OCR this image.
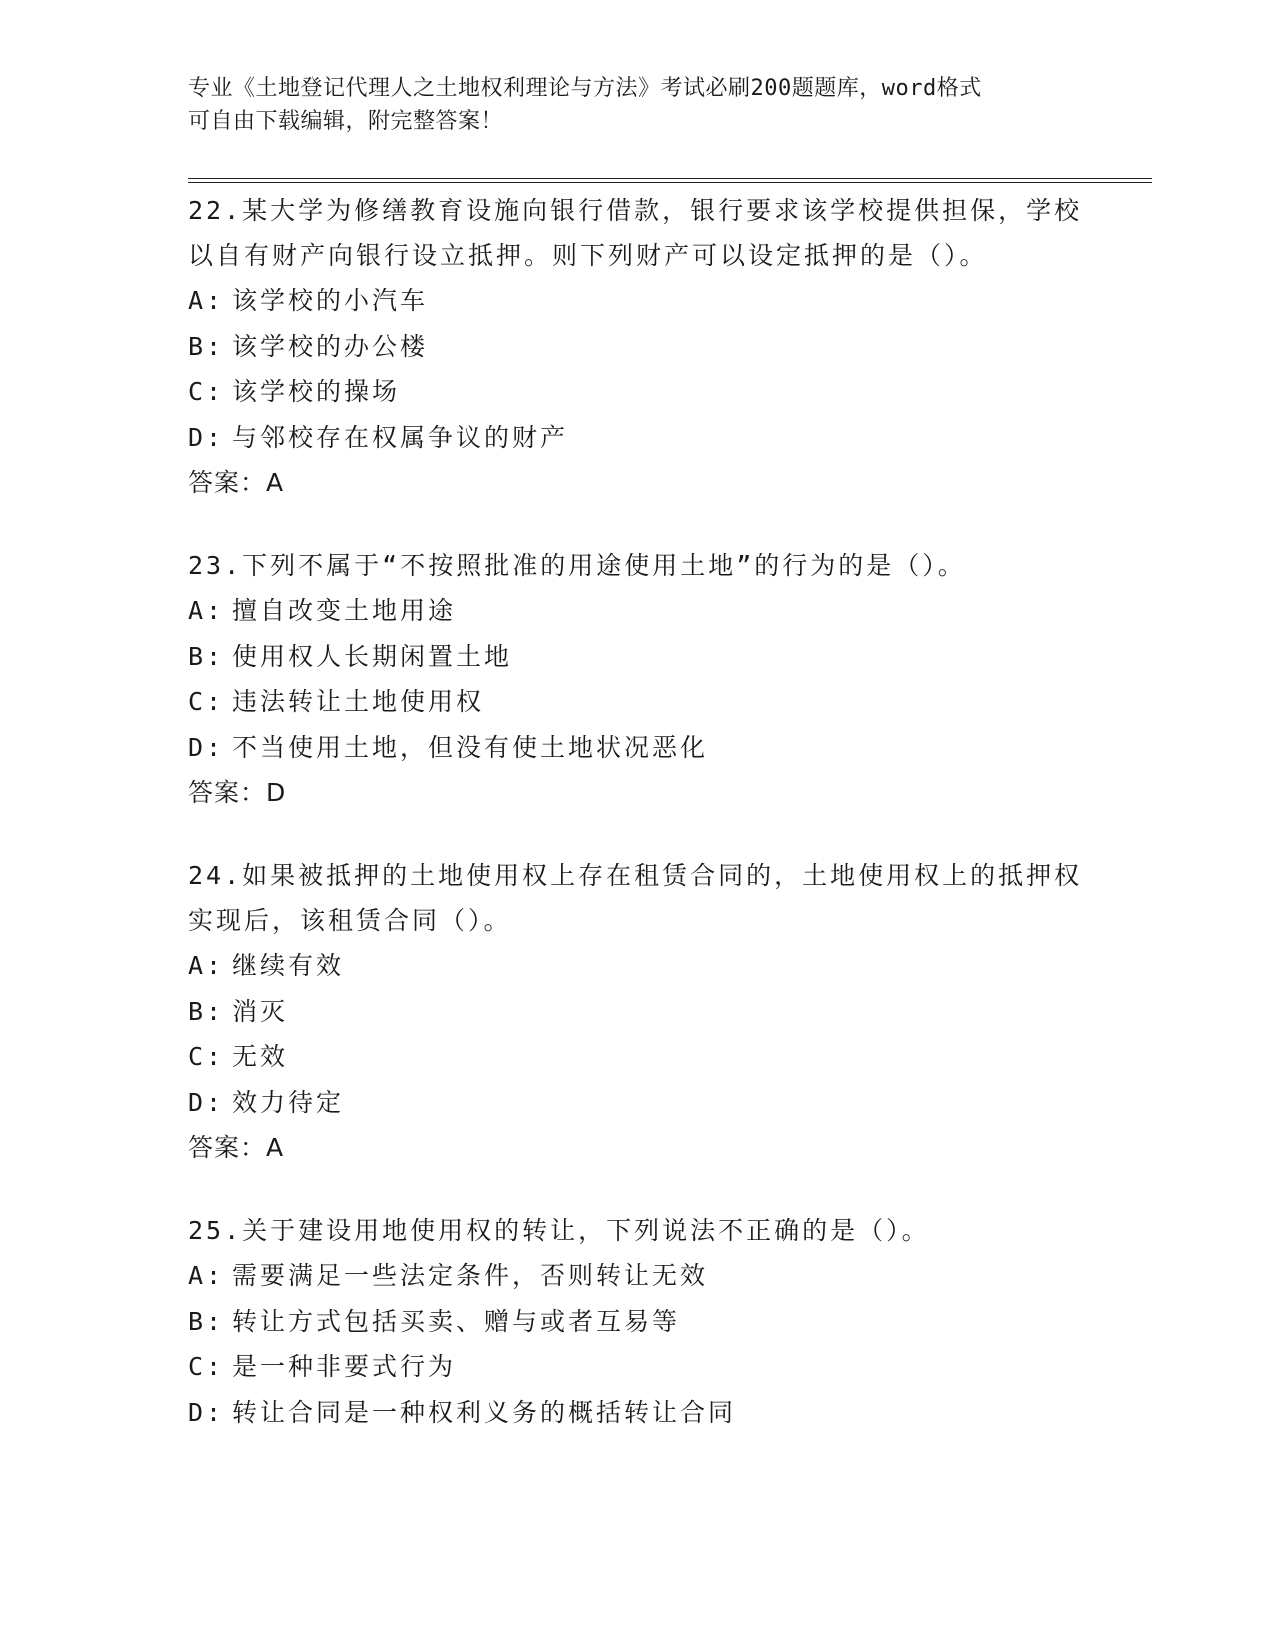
专业《土地登记代理人之土地权利理论与方法》考试必刷200题题库，word格式
可自由下载编辑，附完整答案！

22.某大学为修缮教育设施向银行借款，银行要求该学校提供担保，学校以自有财产向银行设立抵押。则下列财产可以设定抵押的是（）。

A: 该学校的小汽车

B: 该学校的办公楼

C: 该学校的操场

D: 与邻校存在权属争议的财产

答案：A

23.下列不属于“不按照批准的用途使用土地”的行为的是（）。

A: 擅自改变土地用途

B: 使用权人长期闲置土地

C: 违法转让土地使用权

D: 不当使用土地，但没有使土地状况恶化

答案：D

24.如果被抵押的土地使用权上存在租赁合同的，土地使用权上的抵押权实现后，该租赁合同（）。

A: 继续有效

B: 消灭

C: 无效

D: 效力待定

答案：A

25.关于建设用地使用权的转让，下列说法不正确的是（）。

A: 需要满足一些法定条件，否则转让无效

B: 转让方式包括买卖、赠与或者互易等

C: 是一种非要式行为

D: 转让合同是一种权利义务的概括转让合同
